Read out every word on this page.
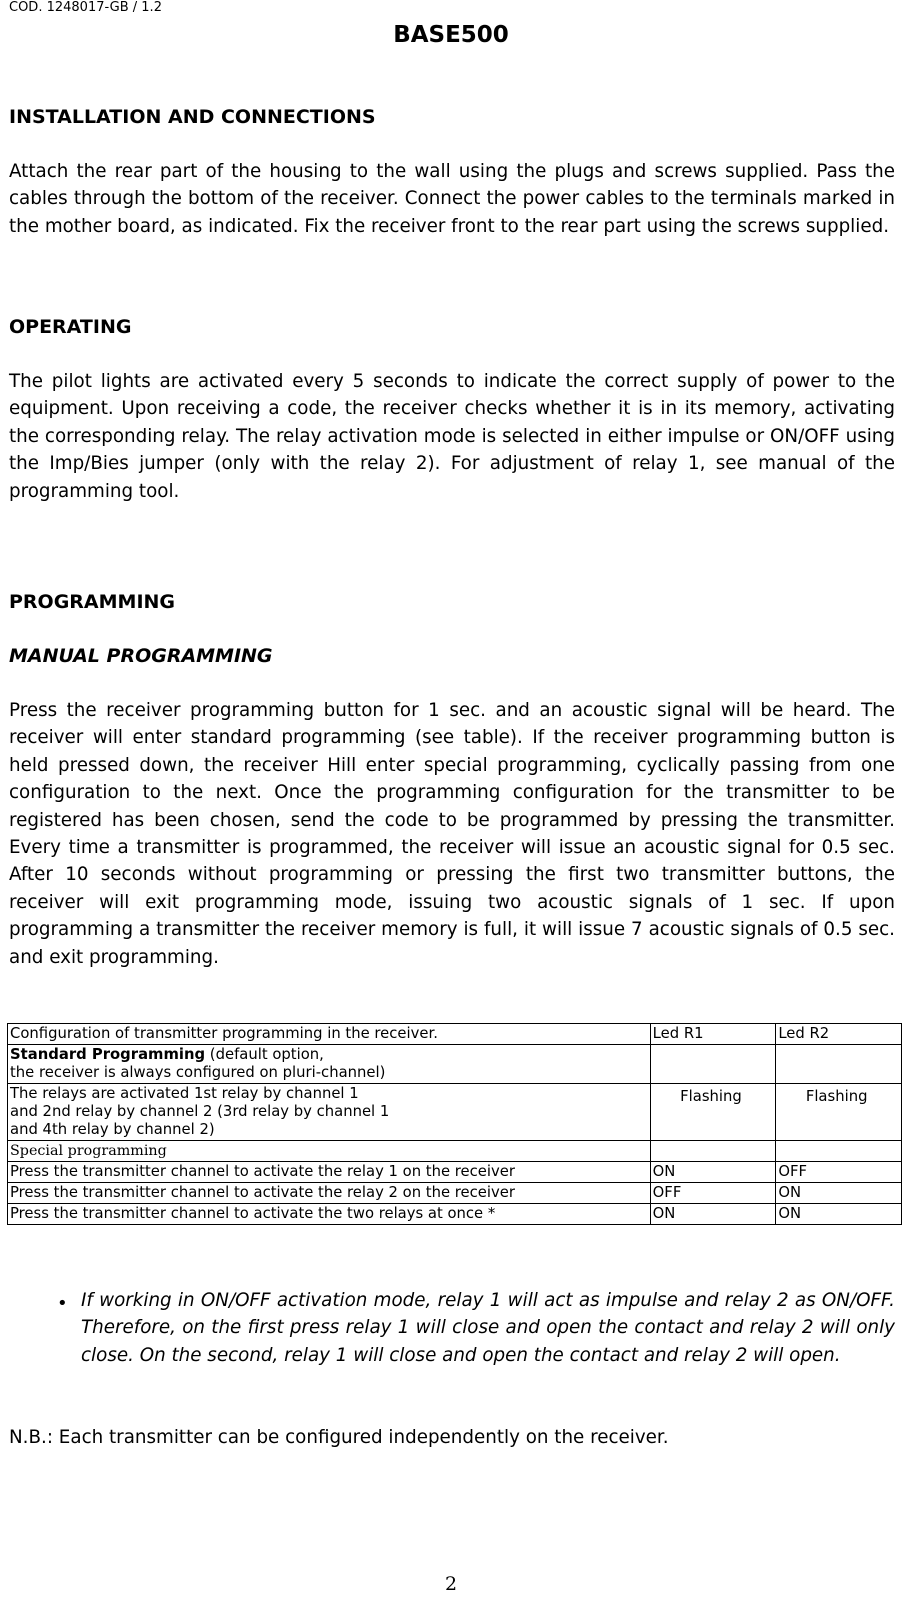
COD. 1248017-GB / 1.2
BASE500
INSTALLATION AND CONNECTIONS
Attach the rear part of the housing to the wall using the plugs and screws supplied. Pass the cables through the bottom of the receiver. Connect the power cables to the terminals marked in the mother board, as indicated. Fix the receiver front to the rear part using the screws supplied.
OPERATING
The pilot lights are activated every 5 seconds to indicate the correct supply of power to the equipment. Upon receiving a code, the receiver checks whether it is in its memory, activating the corresponding relay. The relay activation mode is selected in either impulse or ON/OFF using the Imp/Bies jumper (only with the relay 2). For adjustment of relay 1, see manual of the programming tool.
PROGRAMMING
MANUAL PROGRAMMING
Press the receiver programming button for 1 sec. and an acoustic signal will be heard. The receiver will enter standard programming (see table). If the receiver programming button is held pressed down, the receiver Hill enter special programming, cyclically passing from one configuration to the next. Once the programming configuration for the transmitter to be registered has been chosen, send the code to be programmed by pressing the transmitter. Every time a transmitter is programmed, the receiver will issue an acoustic signal for 0.5 sec. After 10 seconds without programming or pressing the first two transmitter buttons, the receiver will exit programming mode, issuing two acoustic signals of 1 sec. If upon programming a transmitter the receiver memory is full, it will issue 7 acoustic signals of 0.5 sec. and exit programming.
Configuration of transmitter programming in the receiver.	Led R1	Led R2
Standard Programming (default option,
the receiver is always configured on pluri-channel)		
The relays are activated 1st relay by channel 1
and 2nd relay by channel 2 (3rd relay by channel 1
and 4th relay by channel 2)	Flashing	Flashing
Special programming		
Press the transmitter channel to activate the relay 1 on the receiver	ON	OFF
Press the transmitter channel to activate the relay 2 on the receiver	OFF	ON
Press the transmitter channel to activate the two relays at once *	ON	ON
• If working in ON/OFF activation mode, relay 1 will act as impulse and relay 2 as ON/OFF. Therefore, on the first press relay 1 will close and open the contact and relay 2 will only close. On the second, relay 1 will close and open the contact and relay 2 will open.
N.B.: Each transmitter can be configured independently on the receiver.
2
